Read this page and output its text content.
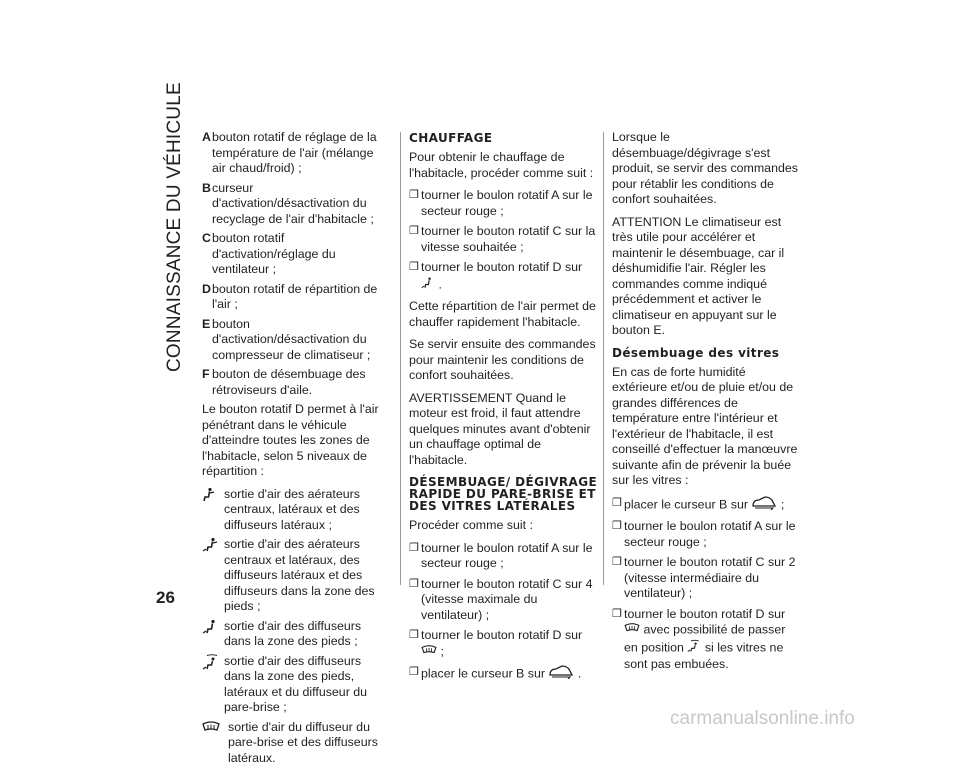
CONNAISSANCE DU VÉHICULE
26
A bouton rotatif de réglage de la température de l'air (mélange air chaud/froid) ;
B curseur d'activation/désactivation du recyclage de l'air d'habitacle ;
C bouton rotatif d'activation/réglage du ventilateur ;
D bouton rotatif de répartition de l'air ;
E bouton d'activation/désactivation du compresseur de climatiseur ;
F bouton de désembuage des rétroviseurs d'aile.

Le bouton rotatif D permet à l'air pénétrant dans le véhicule d'atteindre toutes les zones de l'habitacle, selon 5 niveaux de répartition :

sortie d'air des aérateurs centraux, latéraux et des diffuseurs latéraux ;
sortie d'air des aérateurs centraux et latéraux, des diffuseurs latéraux et des diffuseurs dans la zone des pieds ;
sortie d'air des diffuseurs dans la zone des pieds ;
sortie d'air des diffuseurs dans la zone des pieds, latéraux et du diffuseur du pare-brise ;
sortie d'air du diffuseur du pare-brise et des diffuseurs latéraux.
CHAUFFAGE

Pour obtenir le chauffage de l'habitacle, procéder comme suit :

❐ tourner le boulon rotatif A sur le secteur rouge ;
❐ tourner le bouton rotatif C sur la vitesse souhaitée ;
❐ tourner le bouton rotatif D sur  .

Cette répartition de l'air permet de chauffer rapidement l'habitacle.

Se servir ensuite des commandes pour maintenir les conditions de confort souhaitées.

AVERTISSEMENT Quand le moteur est froid, il faut attendre quelques minutes avant d'obtenir un chauffage optimal de l'habitacle.

DÉSEMBUAGE/ DÉGIVRAGE RAPIDE DU PARE-BRISE ET DES VITRES LATÉRALES

Procéder comme suit :

❐ tourner le boulon rotatif A sur le secteur rouge ;
❐ tourner le bouton rotatif C sur 4 (vitesse maximale du ventilateur) ;
❐ tourner le bouton rotatif D sur  ;
❐ placer le curseur B sur	.

Lorsque le désembuage/dégivrage s'est produit, se servir des commandes pour rétablir les conditions de confort souhaitées.

ATTENTION Le climatiseur est très utile pour accélérer et maintenir le désembuage, car il déshumidifie l'air. Régler les commandes comme indiqué précédemment et activer le climatiseur en appuyant sur le bouton E.

Désembuage des vitres

En cas de forte humidité extérieure et/ou de pluie et/ou de grandes différences de température entre l'intérieur et l'extérieur de l'habitacle, il est conseillé d'effectuer la manœuvre suivante afin de prévenir la buée sur les vitres :

❐ placer le curseur B sur	;
❐ tourner le boulon rotatif A sur le secteur rouge ;
❐ tourner le bouton rotatif C sur 2 (vitesse intermédiaire du ventilateur) ;
❐ tourner le bouton rotatif D sur
avec possibilité de passer en position si les vitres ne sont pas embuées.
carmanualsonline.info
